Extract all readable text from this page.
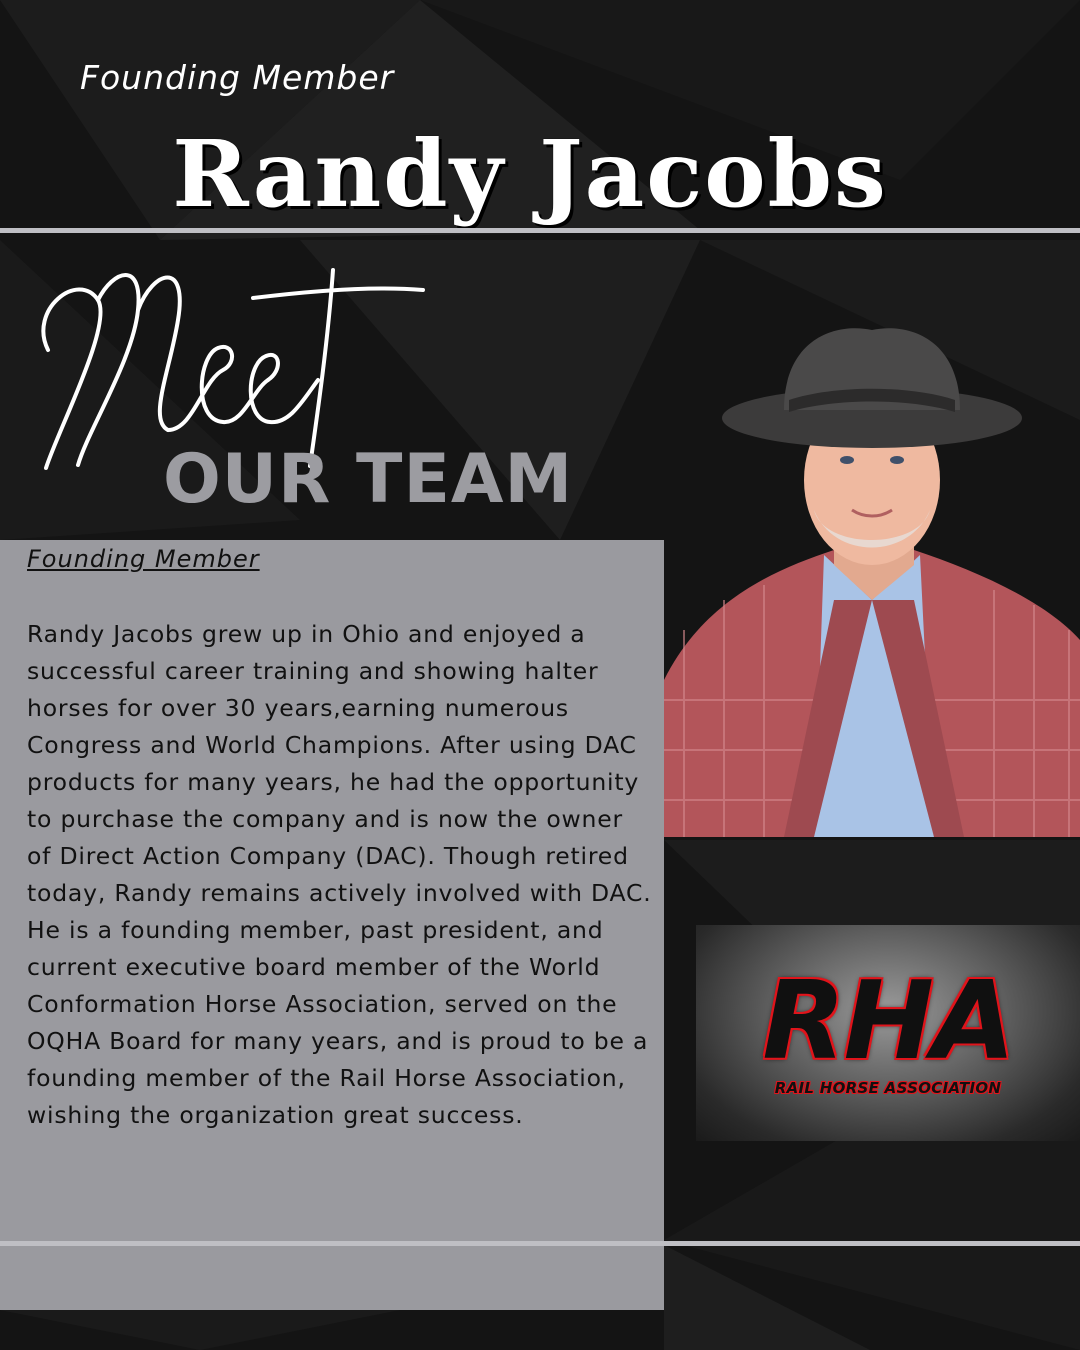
Founding Member
Randy Jacobs
OUR TEAM
Founding Member
Randy Jacobs grew up in Ohio and enjoyed a successful career training and showing halter horses for over 30 years,earning numerous Congress and World Champions. After using DAC products for many years, he had the opportunity to purchase the company and is now the owner of Direct Action Company (DAC). Though retired today, Randy remains actively involved with DAC. He is a founding member, past president, and current executive board member of the World Conformation Horse Association, served on the OQHA Board for many years, and is proud to be a founding member of the Rail Horse Association, wishing the organization great success.
RHA
RAIL HORSE ASSOCIATION
